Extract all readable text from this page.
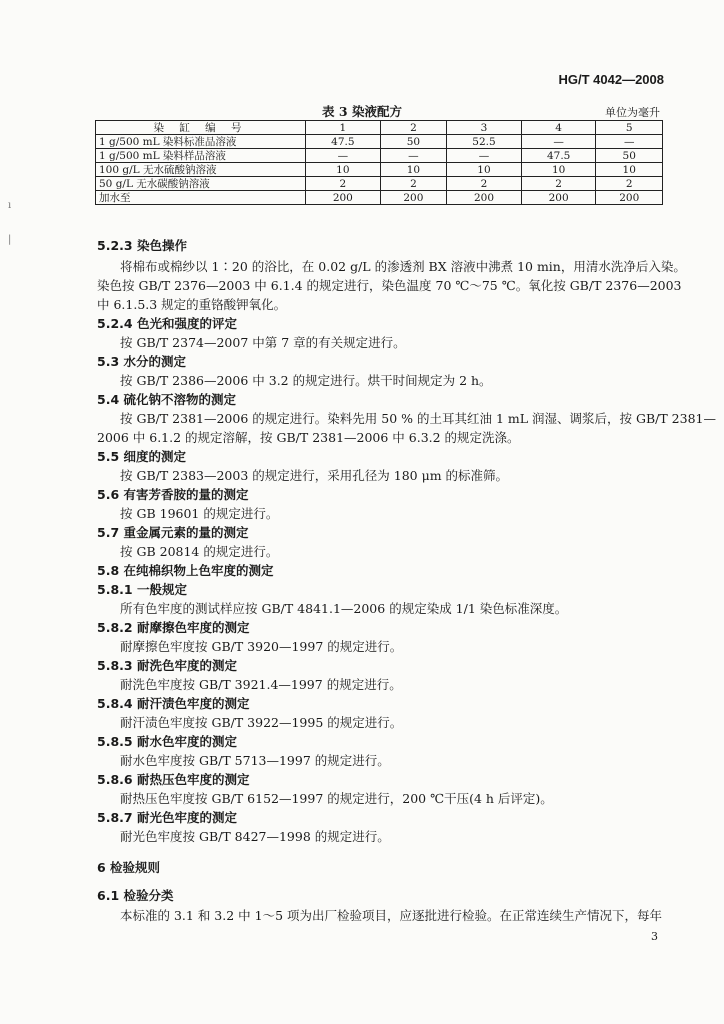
HG/T 4042—2008
表 3 染液配方	单位为毫升
染 缸 编 号	1	2	3	4	5
1 g/500 mL 染料标准品溶液	47.5	50	52.5	—	—
1 g/500 mL 染料样品溶液	—	—	—	47.5	50
100 g/L 无水硫酸钠溶液	10	10	10	10	10
50 g/L 无水碳酸钠溶液	2	2	2	2	2
加水至	200	200	200	200	200
5.2.3 染色操作
将棉布或棉纱以 1∶20 的浴比，在 0.02 g/L 的渗透剂 BX 溶液中沸煮 10 min，用清水洗净后入染。
染色按 GB/T 2376—2003 中 6.1.4 的规定进行，染色温度 70 ℃～75 ℃。氧化按 GB/T 2376—2003
中 6.1.5.3 规定的重铬酸钾氧化。
5.2.4 色光和强度的评定
按 GB/T 2374—2007 中第 7 章的有关规定进行。
5.3 水分的测定
按 GB/T 2386—2006 中 3.2 的规定进行。烘干时间规定为 2 h。
5.4 硫化钠不溶物的测定
按 GB/T 2381—2006 的规定进行。染料先用 50 % 的土耳其红油 1 mL 润湿、调浆后，按 GB/T 2381—
2006 中 6.1.2 的规定溶解，按 GB/T 2381—2006 中 6.3.2 的规定洗涤。
5.5 细度的测定
按 GB/T 2383—2003 的规定进行，采用孔径为 180 μm 的标准筛。
5.6 有害芳香胺的量的测定
按 GB 19601 的规定进行。
5.7 重金属元素的量的测定
按 GB 20814 的规定进行。
5.8 在纯棉织物上色牢度的测定
5.8.1 一般规定
所有色牢度的测试样应按 GB/T 4841.1—2006 的规定染成 1/1 染色标准深度。
5.8.2 耐摩擦色牢度的测定
耐摩擦色牢度按 GB/T 3920—1997 的规定进行。
5.8.3 耐洗色牢度的测定
耐洗色牢度按 GB/T 3921.4—1997 的规定进行。
5.8.4 耐汗渍色牢度的测定
耐汗渍色牢度按 GB/T 3922—1995 的规定进行。
5.8.5 耐水色牢度的测定
耐水色牢度按 GB/T 5713—1997 的规定进行。
5.8.6 耐热压色牢度的测定
耐热压色牢度按 GB/T 6152—1997 的规定进行，200 ℃干压(4 h 后评定)。
5.8.7 耐光色牢度的测定
耐光色牢度按 GB/T 8427—1998 的规定进行。
6 检验规则
6.1 检验分类
本标准的 3.1 和 3.2 中 1～5 项为出厂检验项目，应逐批进行检验。在正常连续生产情况下，每年
3
ı
|
